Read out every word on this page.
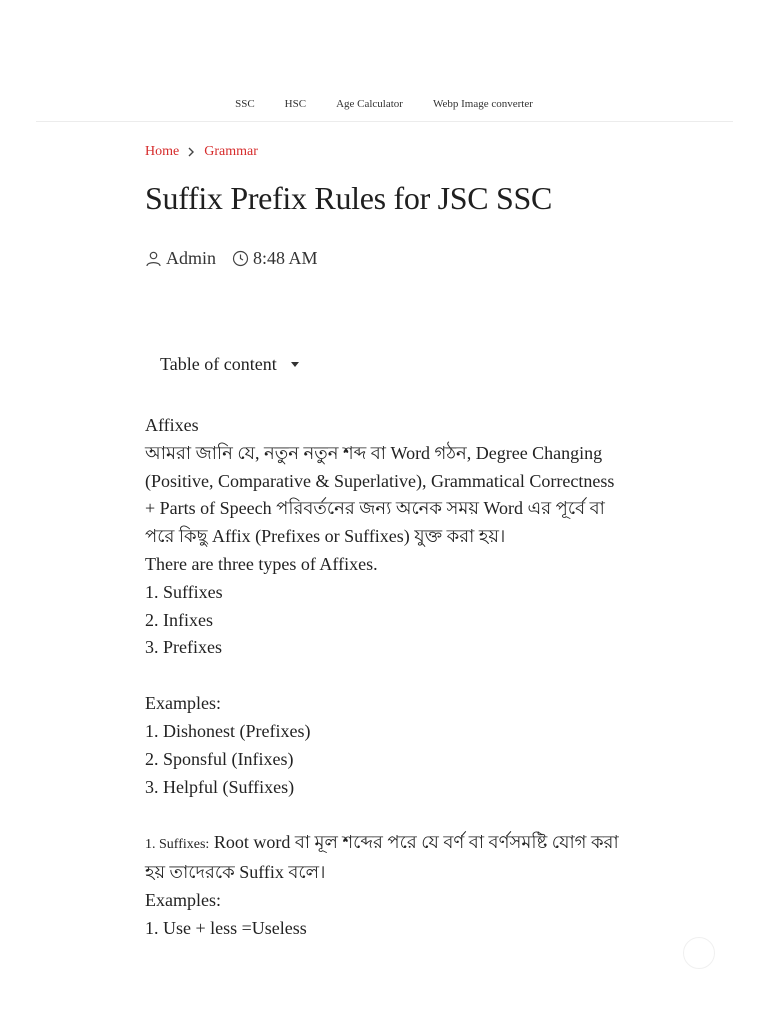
SSC	HSC	Age Calculator	Webp Image converter
Home Grammar
Suffix Prefix Rules for JSC SSC
Admin 8:48 AM
Table of content

Affixes

আমরা জানি যে, নতুন নতুন শব্দ বা Word গঠন, Degree Changing (Positive, Comparative & Superlative), Grammatical Correctness + Parts of Speech পরিবর্তনের জন্য অনেক সময় Word এর পূর্বে বা পরে কিছু Affix (Prefixes or Suffixes) যুক্ত করা হয়।

There are three types of Affixes.

1. Suffixes

2. Infixes

3. Prefixes

Examples:

1. Dishonest (Prefixes)

2. Sponsful (Infixes)

3. Helpful (Suffixes)

1. Suffixes: Root word বা মূল শব্দের পরে যে বর্ণ বা বর্ণসমষ্টি যোগ করা হয় তাদেরকে Suffix বলে।

Examples:

1. Use + less =Useless
